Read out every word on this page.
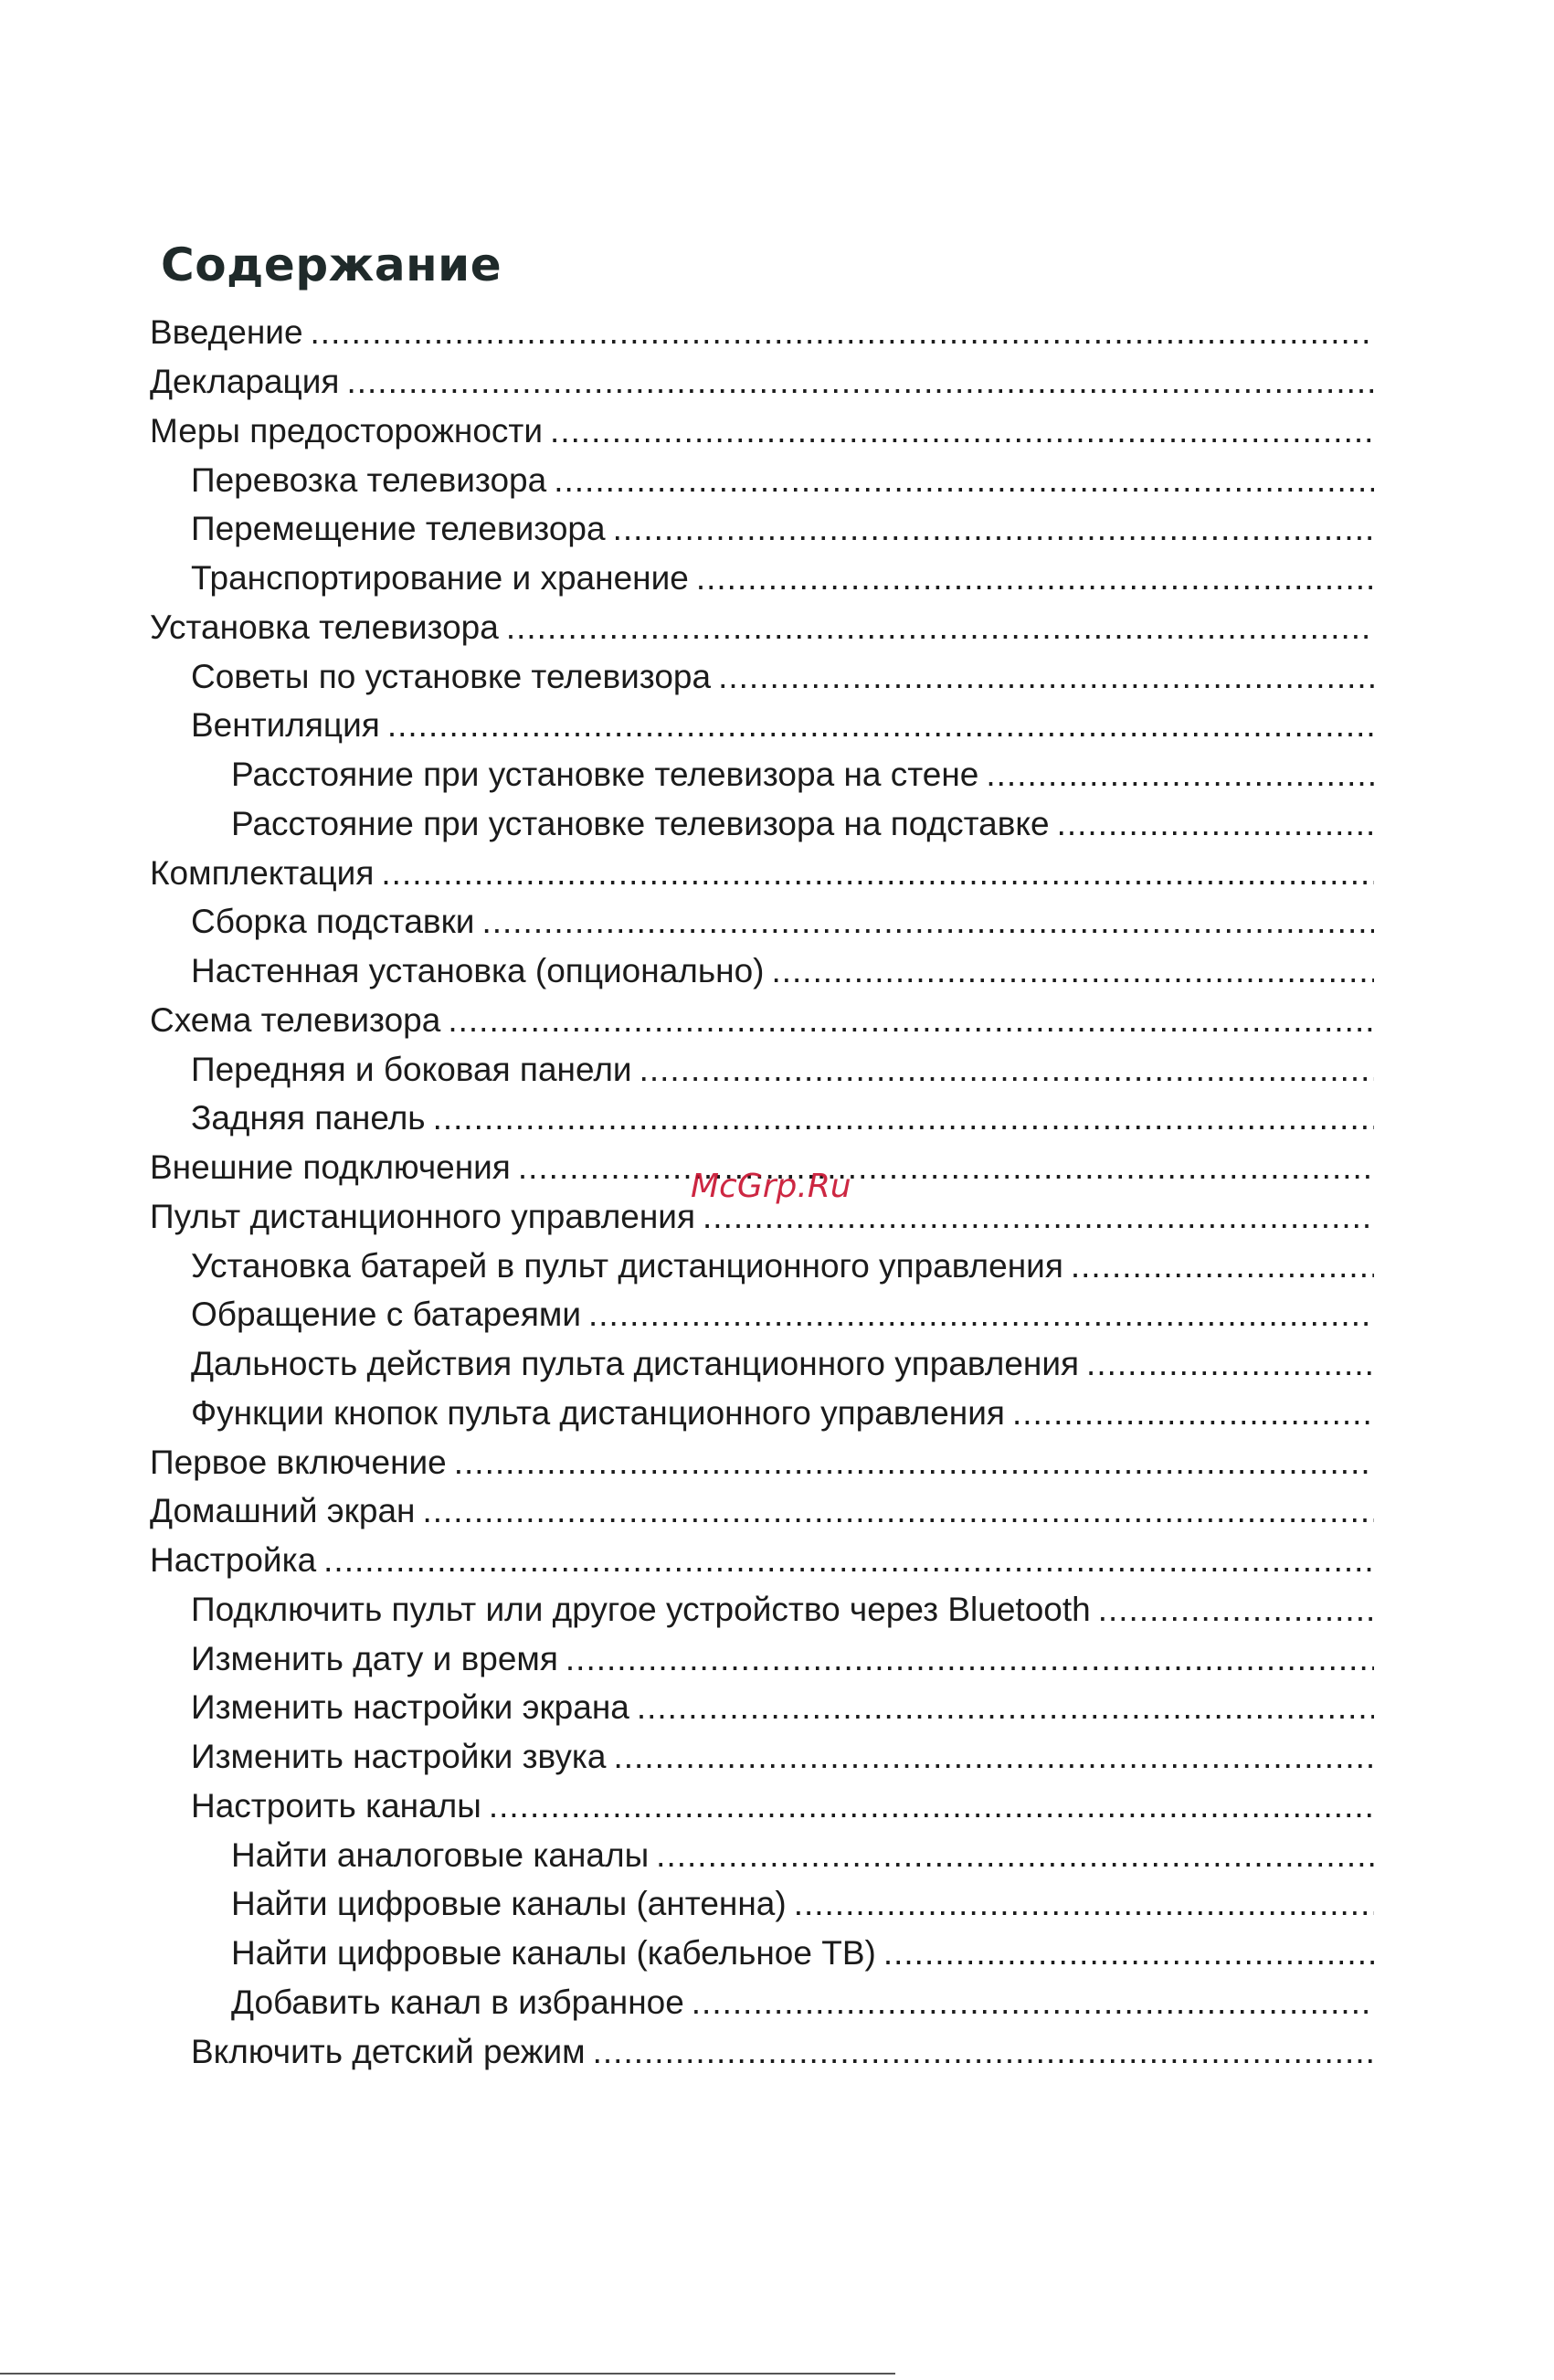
Содержание
Введение
.....
Декларация
.....
Меры предосторожности
.....
Перевозка телевизора
.....
Перемещение телевизора
.....
Транспортирование и хранение
.....
Установка телевизора
.....
Советы по установке телевизора
.....
Вентиляция
.....
Расстояние при установке телевизора на стене
.....
Расстояние при установке телевизора на подставке
.....
Комплектация
.....
Сборка подставки
.....
Настенная установка (опционально)
.....
Схема телевизора
.....
Передняя и боковая панели
.....
Задняя панель
.....
Внешние подключения
.....
Пульт дистанционного управления
.....
Установка батарей в пульт дистанционного управления
.....
Обращение с батареями
.....
Дальность действия пульта дистанционного управления
.....
Функции кнопок пульта дистанционного управления
.....
Первое включение
.....
Домашний экран
.....
Настройка
.....
Подключить пульт или другое устройство через Bluetooth
.....
Изменить дату и время
.....
Изменить настройки экрана
.....
Изменить настройки звука
.....
Настроить каналы
.....
Найти аналоговые каналы
.....
Найти цифровые каналы (антенна)
.....
Найти цифровые каналы (кабельное ТВ)
.....
Добавить канал в избранное
.....
Включить детский режим
.....
McGrp.Ru
